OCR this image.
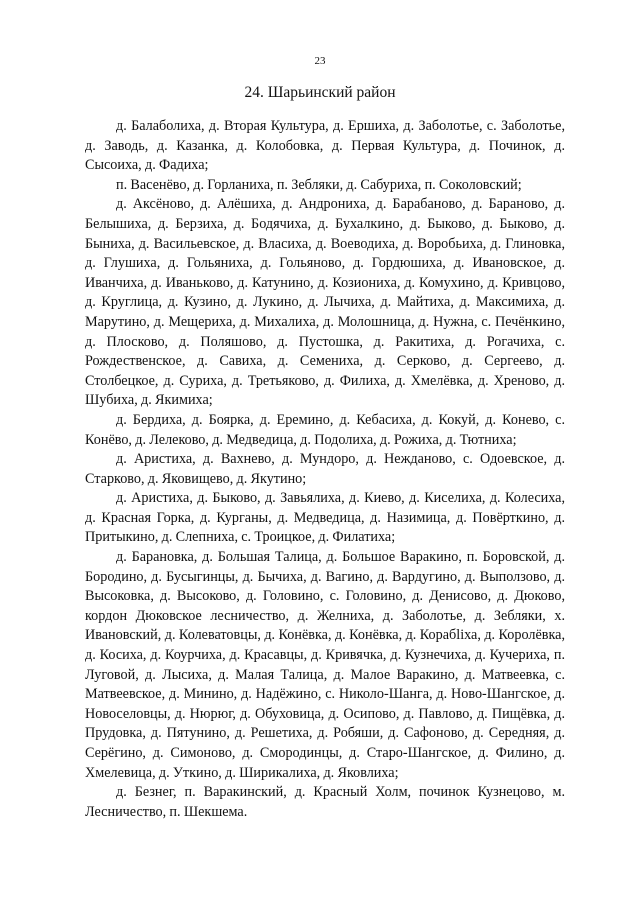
23
24. Шарьинский район

д. Балаболиха, д. Вторая Культура, д. Ершиха, д. Заболотье, с. Заболотье, д. Заводь, д. Казанка, д. Колобовка, д. Первая Культура, д. Починок, д. Сысоиха, д. Фадиха;

п. Васенёво, д. Горланиха, п. Зебляки, д. Сабуриха, п. Соколовский;

д. Аксёново, д. Алёшиха, д. Андрониха, д. Барабаново, д. Бараново, д. Белышиха, д. Берзиха, д. Бодячиха, д. Бухалкино, д. Быково, д. Быково, д. Быниха, д. Васильевское, д. Власиха, д. Воеводиха, д. Воробьиха, д. Глиновка, д. Глушиха, д. Гольяниха, д. Гольяново, д. Гордюшиха, д. Ивановское, д. Иванчиха, д. Иваньково, д. Катунино, д. Козиониха, д. Комухино, д. Кривцово, д. Круглица, д. Кузино, д. Лукино, д. Лычиха, д. Майтиха, д. Максимиха, д. Марутино, д. Мещериха, д. Михалиха, д. Молошница, д. Нужна, с. Печёнкино, д. Плосково, д. Поляшово, д. Пустошка, д. Ракитиха, д. Рогачиха, с. Рождественское, д. Савиха, д. Семениха, д. Серково, д. Сергеево, д. Столбецкое, д. Суриха, д. Третьяково, д. Филиха, д. Хмелёвка, д. Хреново, д. Шубиха, д. Якимиха;

д. Бердиха, д. Боярка, д. Еремино, д. Кебасиха, д. Кокуй, д. Конево, с. Конёво, д. Лелеково, д. Медведица, д. Подолиха, д. Рожиха, д. Тютниха;

д. Аристиха, д. Вахнево, д. Мундоро, д. Нежданово, с. Одоевское, д. Старково, д. Яковищево, д. Якутино;

д. Аристиха, д. Быково, д. Завьялиха, д. Киево, д. Киселиха, д. Колесиха, д. Красная Горка, д. Курганы, д. Медведица, д. Назимица, д. Повёрткино, д. Притыкино, д. Слепниха, с. Троицкое, д. Филатиха;

д. Барановка, д. Большая Талица, д. Большое Варакино, п. Боровской, д. Бородино, д. Бусыгинцы, д. Бычиха, д. Вагино, д. Вардугино, д. Выползово, д. Высоковка, д. Высоково, д. Головино, с. Головино, д. Денисово, д. Дюково, кордон Дюковское лесничество, д. Желниха, д. Заболотье, д. Зебляки, х. Ивановский, д. Колеватовцы, д. Конёвка, д. Конёвка, д. Корабliха, д. Королёвка, д. Косиха, д. Коурчиха, д. Красавцы, д. Кривячка, д. Кузнечиха, д. Кучериха, п. Луговой, д. Лысиха, д. Малая Талица, д. Малое Варакино, д. Матвеевка, с. Матвеевское, д. Минино, д. Надёжино, с. Николо-Шанга, д. Ново-Шангское, д. Новоселовцы, д. Нюрюг, д. Обуховица, д. Осипово, д. Павлово, д. Пищёвка, д. Прудовка, д. Пятунино, д. Решетиха, д. Робяши, д. Сафоново, д. Середняя, д. Серёгино, д. Симоново, д. Смородинцы, д. Старо-Шангское, д. Филино, д. Хмелевица, д. Уткино, д. Ширикалиха, д. Яковлиха;

д. Безнег, п. Варакинский, д. Красный Холм, починок Кузнецово, м. Лесничество, п. Шекшема.
